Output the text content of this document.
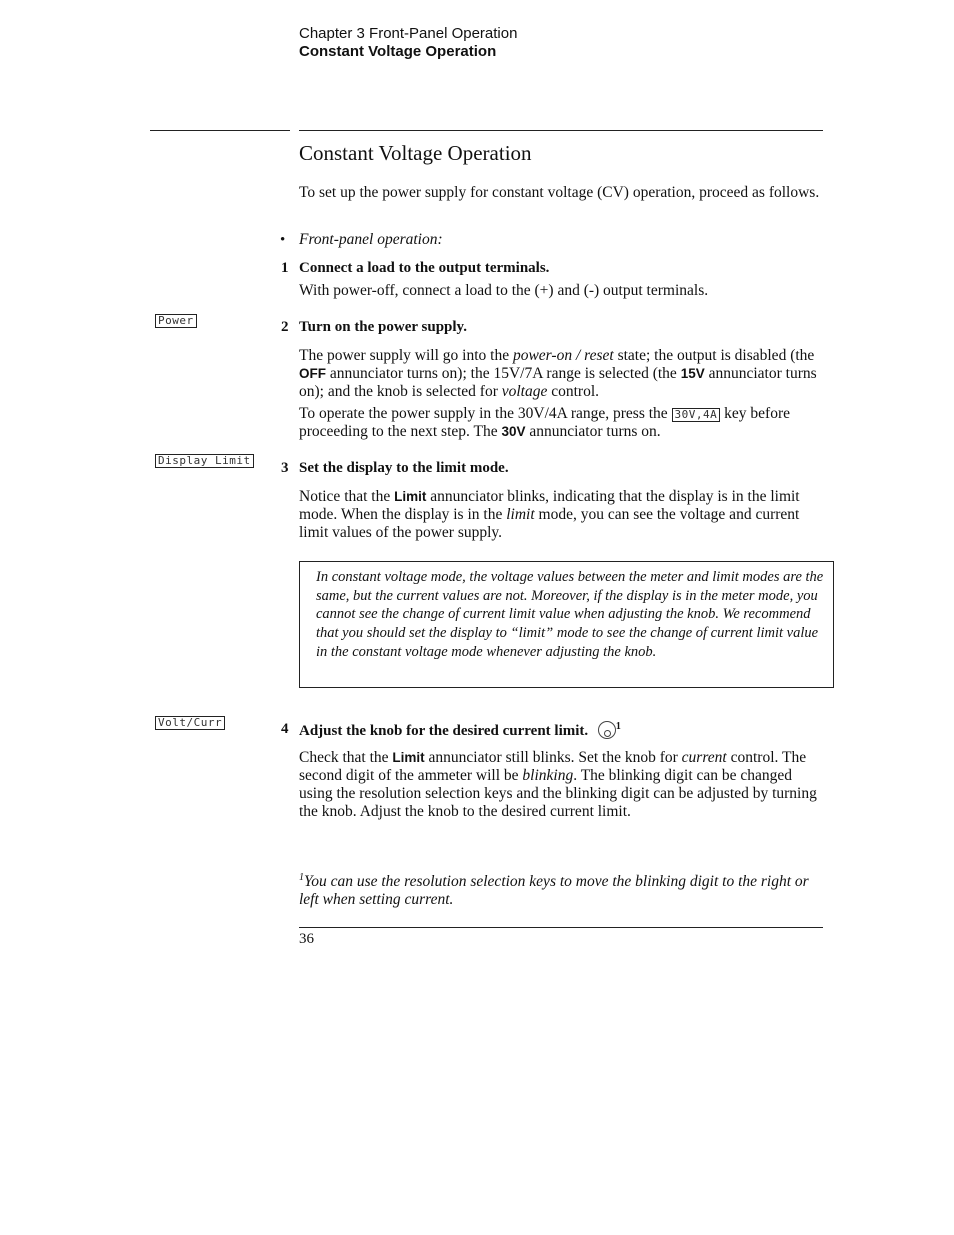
Chapter 3 Front-Panel Operation
Constant Voltage Operation
Constant Voltage Operation
To set up the power supply for constant voltage (CV) operation, proceed as follows.
• Front-panel operation:
1 Connect a load to the output terminals.
With power-off, connect a load to the (+) and (-) output terminals.
Power	2 Turn on the power supply.
The power supply will go into the power-on / reset state; the output is disabled (the OFF annunciator turns on); the 15V/7A range is selected (the 15V annunciator turns on); and the knob is selected for voltage control.
To operate the power supply in the 30V/4A range, press the 30V,4A key before proceeding to the next step. The 30V annunciator turns on.
Display Limit 3 Set the display to the limit mode.
Notice that the Limit annunciator blinks, indicating that the display is in the limit mode. When the display is in the limit mode, you can see the voltage and current limit values of the power supply.
In constant voltage mode, the voltage values between the meter and limit modes are the same, but the current values are not. Moreover, if the display is in the meter mode, you cannot see the change of current limit value when adjusting the knob. We recommend that you should set the display to “limit” mode to see the change of current limit value in the constant voltage mode whenever adjusting the knob.
Volt/Curr	4 Adjust the knob for the desired current limit.	$^1$
Check that the Limit annunciator still blinks. Set the knob for current control. The second digit of the ammeter will be blinking. The blinking digit can be changed using the resolution selection keys and the blinking digit can be adjusted by turning the knob. Adjust the knob to the desired current limit.
$^1$You can use the resolution selection keys to move the blinking digit to the right or left when setting current.
36
